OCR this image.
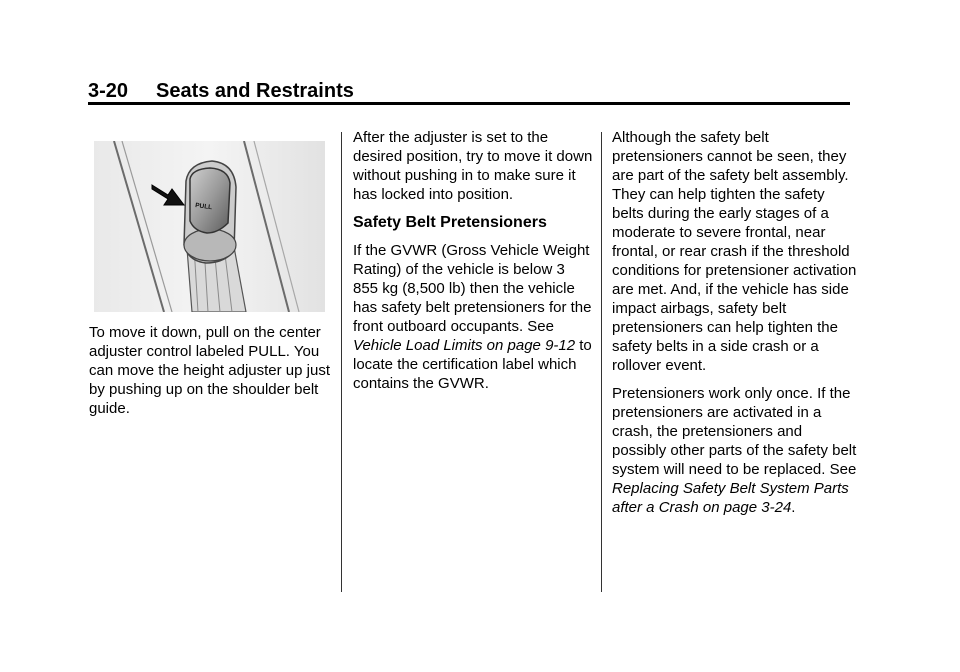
3-20 Seats and Restraints
PULL

To move it down, pull on the center adjuster control labeled PULL. You can move the height adjuster up just by pushing up on the shoulder belt guide.

After the adjuster is set to the desired position, try to move it down without pushing in to make sure it has locked into position.

Safety Belt Pretensioners

If the GVWR (Gross Vehicle Weight Rating) of the vehicle is below 3 855 kg (8,500 lb) then the vehicle has safety belt pretensioners for the front outboard occupants. See Vehicle Load Limits on page 9-12 to locate the certification label which contains the GVWR.

Although the safety belt pretensioners cannot be seen, they are part of the safety belt assembly. They can help tighten the safety belts during the early stages of a moderate to severe frontal, near frontal, or rear crash if the threshold conditions for pretensioner activation are met. And, if the vehicle has side impact airbags, safety belt pretensioners can help tighten the safety belts in a side crash or a rollover event.

Pretensioners work only once. If the pretensioners are activated in a crash, the pretensioners and possibly other parts of the safety belt system will need to be replaced. See Replacing Safety Belt System Parts after a Crash on page 3-24.
